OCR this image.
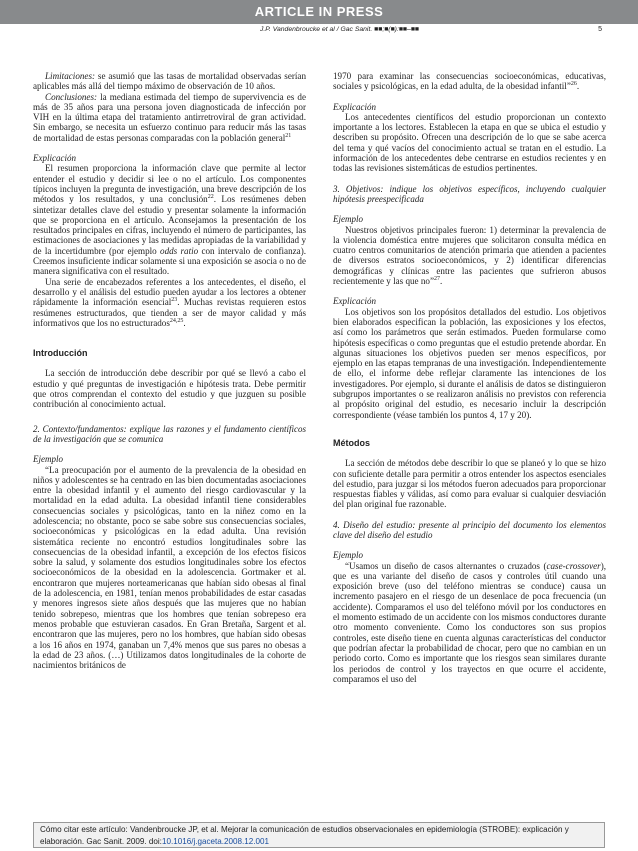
ARTICLE IN PRESS
J.P. Vandenbroucke et al / Gac Sanit. ■■;■(■):■■–■■	5

Limitaciones: se asumió que las tasas de mortalidad observadas serían aplicables más allá del tiempo máximo de observación de 10 años.

Conclusiones: la mediana estimada del tiempo de supervivencia es de más de 35 años para una persona joven diagnosticada de infección por VIH en la última etapa del tratamiento antirretroviral de gran actividad. Sin embargo, se necesita un esfuerzo continuo para reducir más las tasas de mortalidad de estas personas comparadas con la población general$^{21}$

Explicación

El resumen proporciona la información clave que permite al lector entender el estudio y decidir si lee o no el artículo. Los componentes típicos incluyen la pregunta de investigación, una breve descripción de los métodos y los resultados, y una conclusión$^{22}$. Los resúmenes deben sintetizar detalles clave del estudio y presentar solamente la información que se proporciona en el artículo. Aconsejamos la presentación de los resultados principales en cifras, incluyendo el número de participantes, las estimaciones de asociaciones y las medidas apropiadas de la variabilidad y de la incertidumbre (por ejemplo odds ratio con intervalo de confianza). Creemos insuficiente indicar solamente si una exposición se asocia o no de manera significativa con el resultado.

Una serie de encabezados referentes a los antecedentes, el diseño, el desarrollo y el análisis del estudio pueden ayudar a los lectores a obtener rápidamente la información esencial$^{23}$. Muchas revistas requieren estos resúmenes estructurados, que tienden a ser de mayor calidad y más informativos que los no estructurados$^{24,25}$.

Introducción

La sección de introducción debe describir por qué se llevó a cabo el estudio y qué preguntas de investigación e hipótesis trata. Debe permitir que otros comprendan el contexto del estudio y que juzguen su posible contribución al conocimiento actual.

2. Contexto/fundamentos: explique las razones y el fundamento científicos de la investigación que se comunica

Ejemplo

“La preocupación por el aumento de la prevalencia de la obesidad en niños y adolescentes se ha centrado en las bien documentadas asociaciones entre la obesidad infantil y el aumento del riesgo cardiovascular y la mortalidad en la edad adulta. La obesidad infantil tiene considerables consecuencias sociales y psicológicas, tanto en la niñez como en la adolescencia; no obstante, poco se sabe sobre sus consecuencias sociales, socioeconómicas y psicológicas en la edad adulta. Una revisión sistemática reciente no encontró estudios longitudinales sobre las consecuencias de la obesidad infantil, a excepción de los efectos físicos sobre la salud, y solamente dos estudios longitudinales sobre los efectos socioeconómicos de la obesidad en la adolescencia. Gortmaker et al. encontraron que mujeres norteamericanas que habían sido obesas al final de la adolescencia, en 1981, tenían menos probabilidades de estar casadas y menores ingresos siete años después que las mujeres que no habían tenido sobrepeso, mientras que los hombres que tenían sobrepeso era menos probable que estuvieran casados. En Gran Bretaña, Sargent et al. encontraron que las mujeres, pero no los hombres, que habían sido obesas a los 16 años en 1974, ganaban un 7,4% menos que sus pares no obesas a la edad de 23 años. (…) Utilizamos datos longitudinales de la cohorte de nacimientos británicos de

1970 para examinar las consecuencias socioeconómicas, educativas, sociales y psicológicas, en la edad adulta, de la obesidad infantil”$^{26}$.

Explicación

Los antecedentes científicos del estudio proporcionan un contexto importante a los lectores. Establecen la etapa en que se ubica el estudio y describen su propósito. Ofrecen una descripción de lo que se sabe acerca del tema y qué vacíos del conocimiento actual se tratan en el estudio. La información de los antecedentes debe centrarse en estudios recientes y en todas las revisiones sistemáticas de estudios pertinentes.

3. Objetivos: indique los objetivos específicos, incluyendo cualquier hipótesis preespecificada

Ejemplo

Nuestros objetivos principales fueron: 1) determinar la prevalencia de la violencia doméstica entre mujeres que solicitaron consulta médica en cuatro centros comunitarios de atención primaria que atienden a pacientes de diversos estratos socioeconómicos, y 2) identificar diferencias demográficas y clínicas entre las pacientes que sufrieron abusos recientemente y las que no”$^{27}$.

Explicación

Los objetivos son los propósitos detallados del estudio. Los objetivos bien elaborados especifican la población, las exposiciones y los efectos, así como los parámetros que serán estimados. Pueden formularse como hipótesis específicas o como preguntas que el estudio pretende abordar. En algunas situaciones los objetivos pueden ser menos específicos, por ejemplo en las etapas tempranas de una investigación. Independientemente de ello, el informe debe reflejar claramente las intenciones de los investigadores. Por ejemplo, si durante el análisis de datos se distinguieron subgrupos importantes o se realizaron análisis no previstos con referencia al propósito original del estudio, es necesario incluir la descripción correspondiente (véase también los puntos 4, 17 y 20).

Métodos

La sección de métodos debe describir lo que se planeó y lo que se hizo con suficiente detalle para permitir a otros entender los aspectos esenciales del estudio, para juzgar si los métodos fueron adecuados para proporcionar respuestas fiables y válidas, así como para evaluar si cualquier desviación del plan original fue razonable.

4. Diseño del estudio: presente al principio del documento los elementos clave del diseño del estudio

Ejemplo

“Usamos un diseño de casos alternantes o cruzados (case-crossover), que es una variante del diseño de casos y controles útil cuando una exposición breve (uso del teléfono mientras se conduce) causa un incremento pasajero en el riesgo de un desenlace de poca frecuencia (un accidente). Comparamos el uso del teléfono móvil por los conductores en el momento estimado de un accidente con los mismos conductores durante otro momento conveniente. Como los conductores son sus propios controles, este diseño tiene en cuenta algunas características del conductor que podrían afectar la probabilidad de chocar, pero que no cambian en un periodo corto. Como es importante que los riesgos sean similares durante los periodos de control y los trayectos en que ocurre el accidente, comparamos el uso del

Cómo citar este artículo: Vandenbroucke JP, et al. Mejorar la comunicación de estudios observacionales en epidemiología (STROBE): explicación y elaboración. Gac Sanit. 2009. doi:10.1016/j.gaceta.2008.12.001
